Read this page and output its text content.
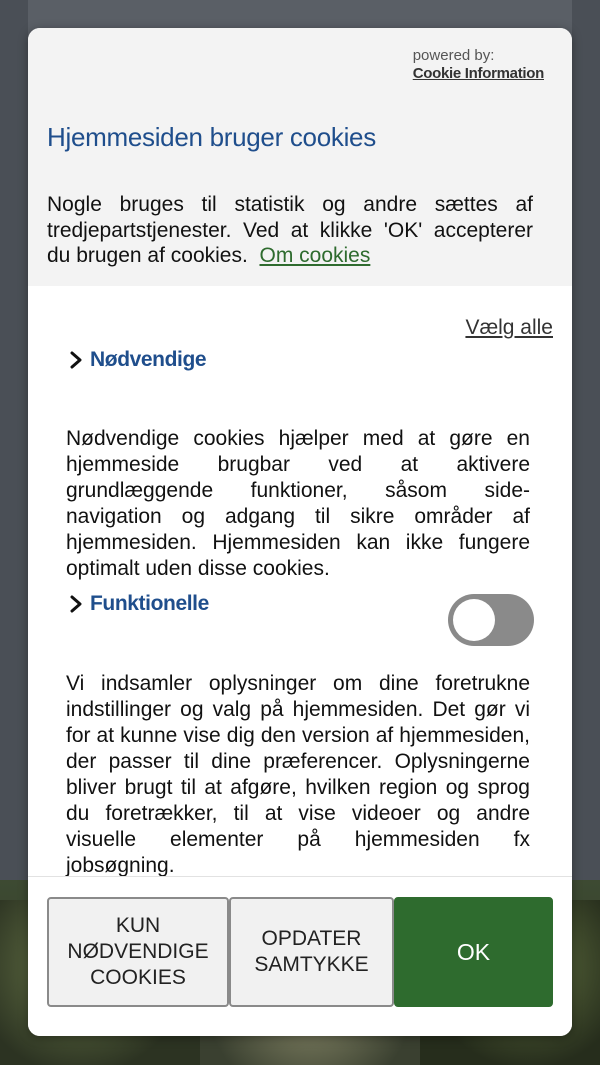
powered by:
Cookie Information
Hjemmesiden bruger cookies

Nogle bruges til statistik og andre sættes af tredjepartstjenester. Ved at klikke 'OK' accepterer du brugen af cookies. Om cookies

Vælg alle
Nødvendige

Nødvendige cookies hjælper med at gøre en hjemmeside brugbar ved at aktivere grundlæggende funktioner, såsom side-navigation og adgang til sikre områder af hjemmesiden. Hjemmesiden kan ikke fungere optimalt uden disse cookies.

Funktionelle

Vi indsamler oplysninger om dine foretrukne indstillinger og valg på hjemmesiden. Det gør vi for at kunne vise dig den version af hjemmesiden, der passer til dine præferencer. Oplysningerne bliver brugt til at afgøre, hvilken region og sprog du foretrækker, til at vise videoer og andre visuelle elementer på hjemmesiden fx jobsøgning.

KUN
NØDVENDIGE
COOKIES
OPDATER
SAMTYKKE	OK
